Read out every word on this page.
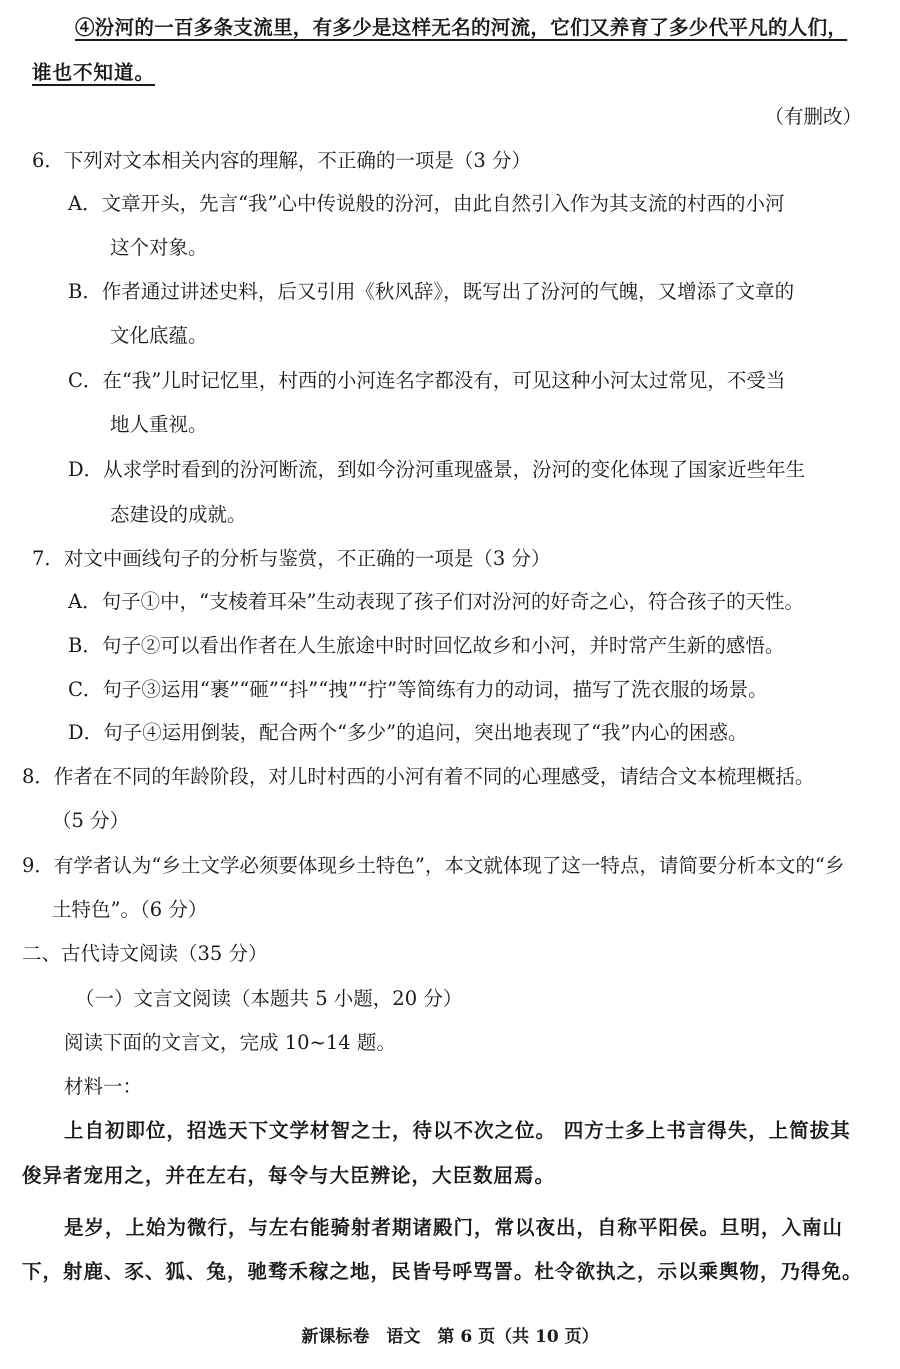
④汾河的一百多条支流里，有多少是这样无名的河流，它们又养育了多少代平凡的人们，
谁也不知道。
（有删改）
6．下列对文本相关内容的理解，不正确的一项是（3 分）
A．文章开头，先言“我”心中传说般的汾河，由此自然引入作为其支流的村西的小河
这个对象。
B．作者通过讲述史料，后又引用《秋风辞》，既写出了汾河的气魄，又增添了文章的
文化底蕴。
C．在“我”儿时记忆里，村西的小河连名字都没有，可见这种小河太过常见，不受当
地人重视。
D．从求学时看到的汾河断流，到如今汾河重现盛景，汾河的变化体现了国家近些年生
态建设的成就。
7．对文中画线句子的分析与鉴赏，不正确的一项是（3 分）
A．句子①中，“支棱着耳朵”生动表现了孩子们对汾河的好奇之心，符合孩子的天性。
B．句子②可以看出作者在人生旅途中时时回忆故乡和小河，并时常产生新的感悟。
C．句子③运用“裹”“砸”“抖”“拽”“拧”等简练有力的动词，描写了洗衣服的场景。
D．句子④运用倒装，配合两个“多少”的追问，突出地表现了“我”内心的困惑。
8．作者在不同的年龄阶段，对儿时村西的小河有着不同的心理感受，请结合文本梳理概括。
（5 分）
9．有学者认为“乡土文学必须要体现乡土特色”，本文就体现了这一特点，请简要分析本文的“乡
土特色”。（6 分）
二、古代诗文阅读（35 分）
（一）文言文阅读（本题共 5 小题，20 分）
阅读下面的文言文，完成 10~14 题。
材料一：
上自初即位，招选天下文学材智之士，待以不次之位。 四方士多上书言得失，上简拔其
俊异者宠用之，并在左右，每令与大臣辨论，大臣数屈焉。
是岁，上始为微行，与左右能骑射者期诸殿门，常以夜出，自称平阳侯。旦明，入南山
下，射鹿、豕、狐、兔，驰骛禾稼之地，民皆号呼骂詈。杜令欲执之，示以乘舆物，乃得免。
新课标卷　语文　第 6 页（共 10 页）
